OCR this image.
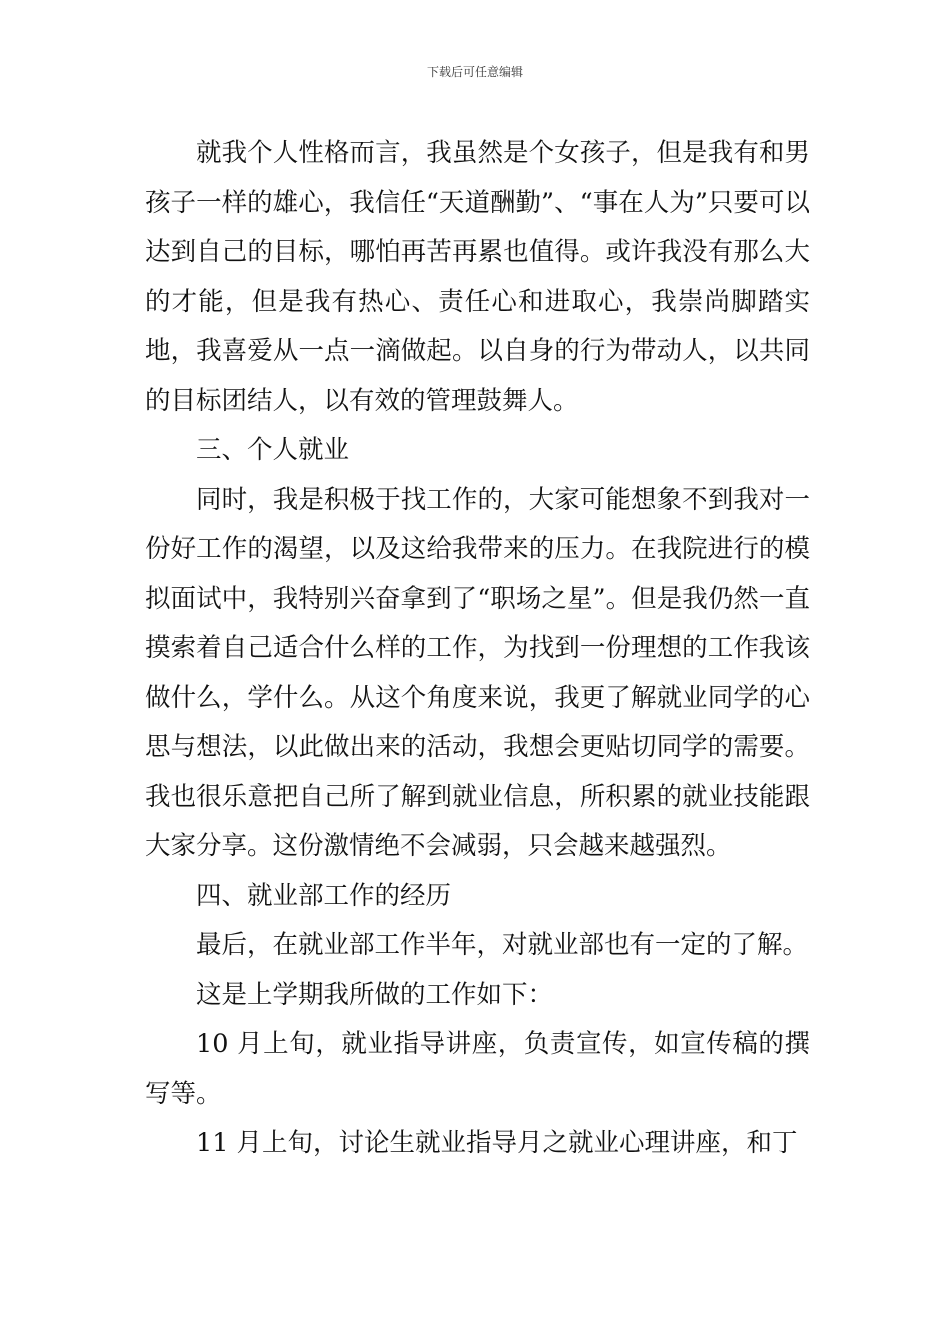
下载后可任意编辑

就我个人性格而言，我虽然是个女孩子，但是我有和男孩子一样的雄心，我信任“天道酬勤”、“事在人为”只要可以达到自己的目标，哪怕再苦再累也值得。或许我没有那么大的才能，但是我有热心、责任心和进取心，我崇尚脚踏实地，我喜爱从一点一滴做起。以自身的行为带动人，以共同的目标团结人，以有效的管理鼓舞人。

三、个人就业

同时，我是积极于找工作的，大家可能想象不到我对一份好工作的渴望，以及这给我带来的压力。在我院进行的模拟面试中，我特别兴奋拿到了“职场之星”。但是我仍然一直摸索着自己适合什么样的工作，为找到一份理想的工作我该做什么，学什么。从这个角度来说，我更了解就业同学的心思与想法，以此做出来的活动，我想会更贴切同学的需要。我也很乐意把自己所了解到就业信息，所积累的就业技能跟大家分享。这份激情绝不会减弱，只会越来越强烈。

四、就业部工作的经历

最后，在就业部工作半年，对就业部也有一定的了解。

这是上学期我所做的工作如下：

10 月上旬，就业指导讲座，负责宣传，如宣传稿的撰写等。

11 月上旬，讨论生就业指导月之就业心理讲座，和丁
